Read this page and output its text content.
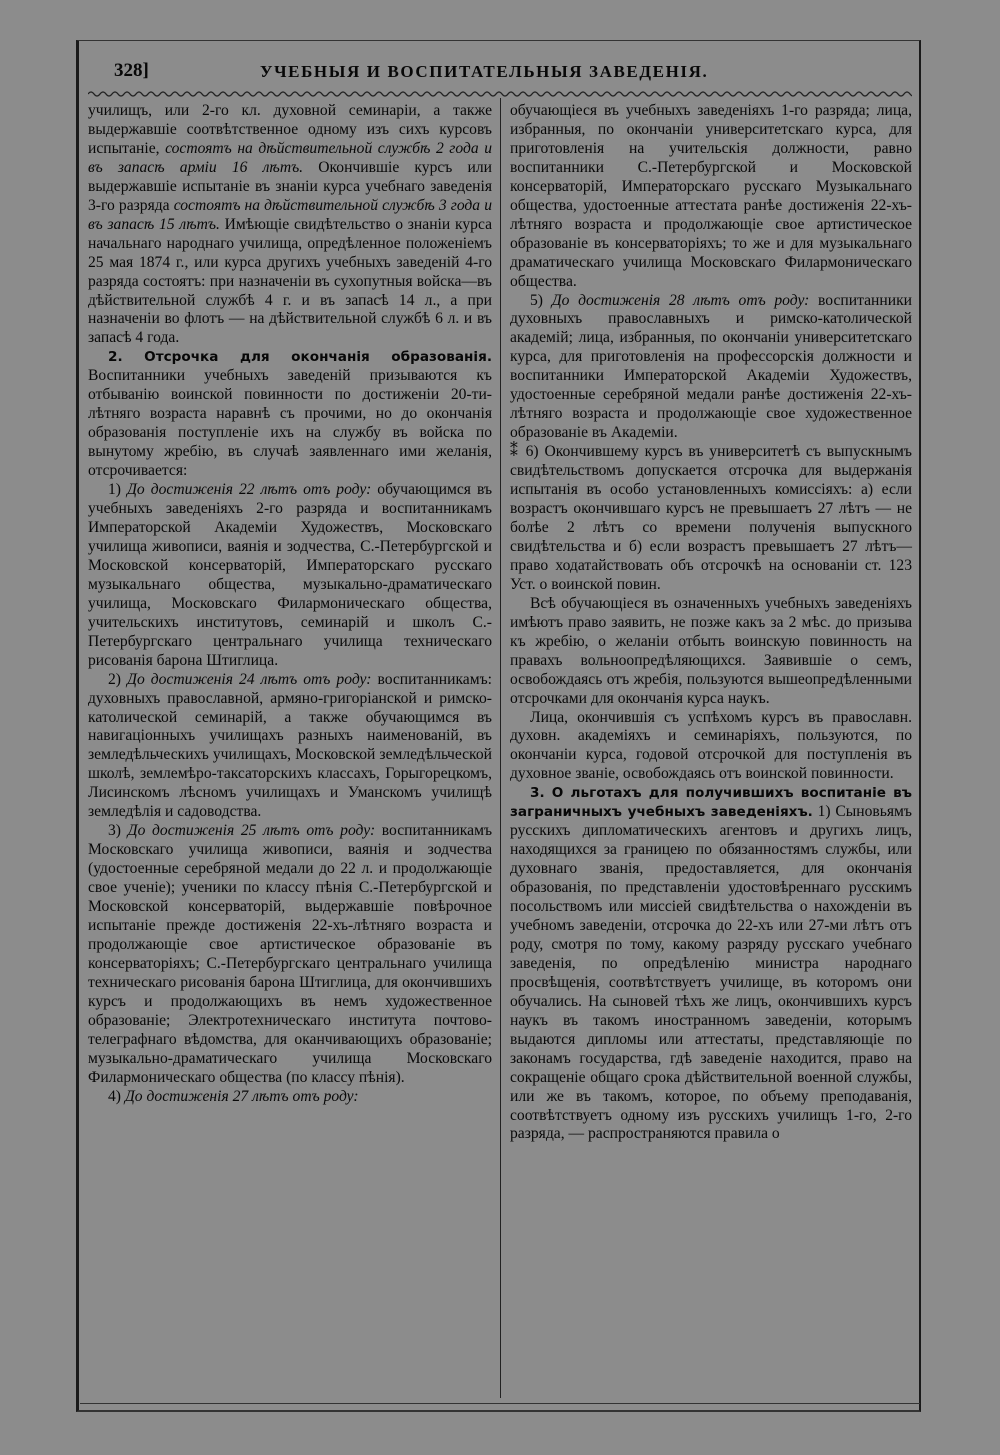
328]	УЧЕБНЫЯ И ВОСПИТАТЕЛЬНЫЯ ЗАВЕДЕНІЯ.

училищъ, или 2-го кл. духовной семинаріи, а также выдержавшіе соотвѣтственное одному изъ сихъ курсовъ испытаніе, состоятъ на дѣйствительной службѣ 2 года и въ запасѣ арміи 16 лѣтъ. Окончившіе курсъ или выдержавшіе испытаніе въ знаніи курса учебнаго заведенія 3-го разряда состоятъ на дѣйствительной службѣ 3 года и въ запасѣ 15 лѣтъ. Имѣющіе свидѣтельство о знаніи курса начальнаго народнаго училища, опредѣленное положеніемъ 25 мая 1874 г., или курса другихъ учебныхъ заведеній 4-го разряда состоятъ: при назначеніи въ сухопутныя войска—въ дѣйствительной службѣ 4 г. и въ запасѣ 14 л., а при назначеніи во флотъ — на дѣйствительной службѣ 6 л. и въ запасѣ 4 года.

2. Отсрочка для окончанія образованія. Воспитанники учебныхъ заведеній призываются къ отбыванію воинской повинности по достиженіи 20-ти-лѣтняго возраста наравнѣ съ прочими, но до окончанія образованія поступленіе ихъ на службу въ войска по вынутому жребію, въ случаѣ заявленнаго ими желанія, отсрочивается:

1) До достиженія 22 лѣтъ отъ роду: обучающимся въ учебныхъ заведеніяхъ 2-го разряда и воспитанникамъ Императорской Академіи Художествъ, Московскаго училища живописи, ваянія и зодчества, С.-Петербургской и Московской консерваторій, Императорскаго русскаго музыкальнаго общества, музыкально-драматическаго училища, Московскаго Филармоническаго общества, учительскихъ институтовъ, семинарій и школъ С.-Петербургскаго центральнаго училища техническаго рисованія барона Штиглица.

2) До достиженія 24 лѣтъ отъ роду: воспитанникамъ: духовныхъ православной, армяно-григоріанской и римско-католической семинарій, а также обучающимся въ навигаціонныхъ училищахъ разныхъ наименованій, въ земледѣльческихъ училищахъ, Московской земледѣльческой школѣ, землемѣро-таксаторскихъ классахъ, Горыгорецкомъ, Лисинскомъ лѣсномъ училищахъ и Уманскомъ училищѣ земледѣлія и садоводства.

3) До достиженія 25 лѣтъ отъ роду: воспитанникамъ Московскаго училища живописи, ваянія и зодчества (удостоенные серебряной медали до 22 л. и продолжающіе свое ученіе); ученики по классу пѣнія С.-Петербургской и Московской консерваторій, выдержавшіе повѣрочное испытаніе прежде достиженія 22-хъ-лѣтняго возраста и продолжающіе свое артистическое образованіе въ консерваторіяхъ; С.-Петербургскаго центральнаго училища техническаго рисованія барона Штиглица, для окончившихъ курсъ и продолжающихъ въ немъ художественное образованіе; Электротехническаго института почтово-телеграфнаго вѣдомства, для оканчивающихъ образованіе; музыкально-драматическаго училища Московскаго Филармоническаго общества (по классу пѣнія).

4) До достиженія 27 лѣтъ отъ роду:

обучающіеся въ учебныхъ заведеніяхъ 1-го разряда; лица, избранныя, по окончаніи университетскаго курса, для приготовленія на учительскія должности, равно воспитанники С.-Петербургской и Московской консерваторій, Императорскаго русскаго Музыкальнаго общества, удостоенные аттестата ранѣе достиженія 22-хъ-лѣтняго возраста и продолжающіе свое артистическое образованіе въ консерваторіяхъ; то же и для музыкальнаго драматическаго училища Московскаго Филармоническаго общества.

5) До достиженія 28 лѣтъ отъ роду: воспитанники духовныхъ православныхъ и римско-католической академій; лица, избранныя, по окончаніи университетскаго курса, для приготовленія на профессорскія должности и воспитанники Императорской Академіи Художествъ, удостоенные серебряной медали ранѣе достиженія 22-хъ-лѣтняго возраста и продолжающіе свое художественное образованіе въ Академіи.

⁑ 6) Окончившему курсъ въ университетѣ съ выпускнымъ свидѣтельствомъ допускается отсрочка для выдержанія испытанія въ особо установленныхъ комиссіяхъ: а) если возрастъ окончившаго курсъ не превышаетъ 27 лѣтъ — не болѣе 2 лѣтъ со времени полученія выпускного свидѣтельства и б) если возрастъ превышаетъ 27 лѣтъ—право ходатайствовать объ отсрочкѣ на основаніи ст. 123 Уст. о воинской повин.

Всѣ обучающіеся въ означенныхъ учебныхъ заведеніяхъ имѣютъ право заявить, не позже какъ за 2 мѣс. до призыва къ жребію, о желаніи отбыть воинскую повинность на правахъ вольноопредѣляющихся. Заявившіе о семъ, освобождаясь отъ жребія, пользуются вышеопредѣленными отсрочками для окончанія курса наукъ.

Лица, окончившія съ успѣхомъ курсъ въ православн. духовн. академіяхъ и семинаріяхъ, пользуются, по окончаніи курса, годовой отсрочкой для поступленія въ духовное званіе, освобождаясь отъ воинской повинности.

3. О льготахъ для получившихъ воспитаніе въ заграничныхъ учебныхъ заведеніяхъ. 1) Сыновьямъ русскихъ дипломатическихъ агентовъ и другихъ лицъ, находящихся за границею по обязанностямъ службы, или духовнаго званія, предоставляется, для окончанія образованія, по представленіи удостовѣреннаго русскимъ посольствомъ или миссіей свидѣтельства о нахожденіи въ учебномъ заведеніи, отсрочка до 22-хъ или 27-ми лѣтъ отъ роду, смотря по тому, какому разряду русскаго учебнаго заведенія, по опредѣленію министра народнаго просвѣщенія, соотвѣтствуетъ училище, въ которомъ они обучались. На сыновей тѣхъ же лицъ, окончившихъ курсъ наукъ въ такомъ иностранномъ заведеніи, которымъ выдаются дипломы или аттестаты, представляющіе по законамъ государства, гдѣ заведеніе находится, право на сокращеніе общаго срока дѣйствительной военной службы, или же въ такомъ, которое, по объему преподаванія, соотвѣтствуетъ одному изъ русскихъ училищъ 1-го, 2-го разряда, — распространяются правила о
